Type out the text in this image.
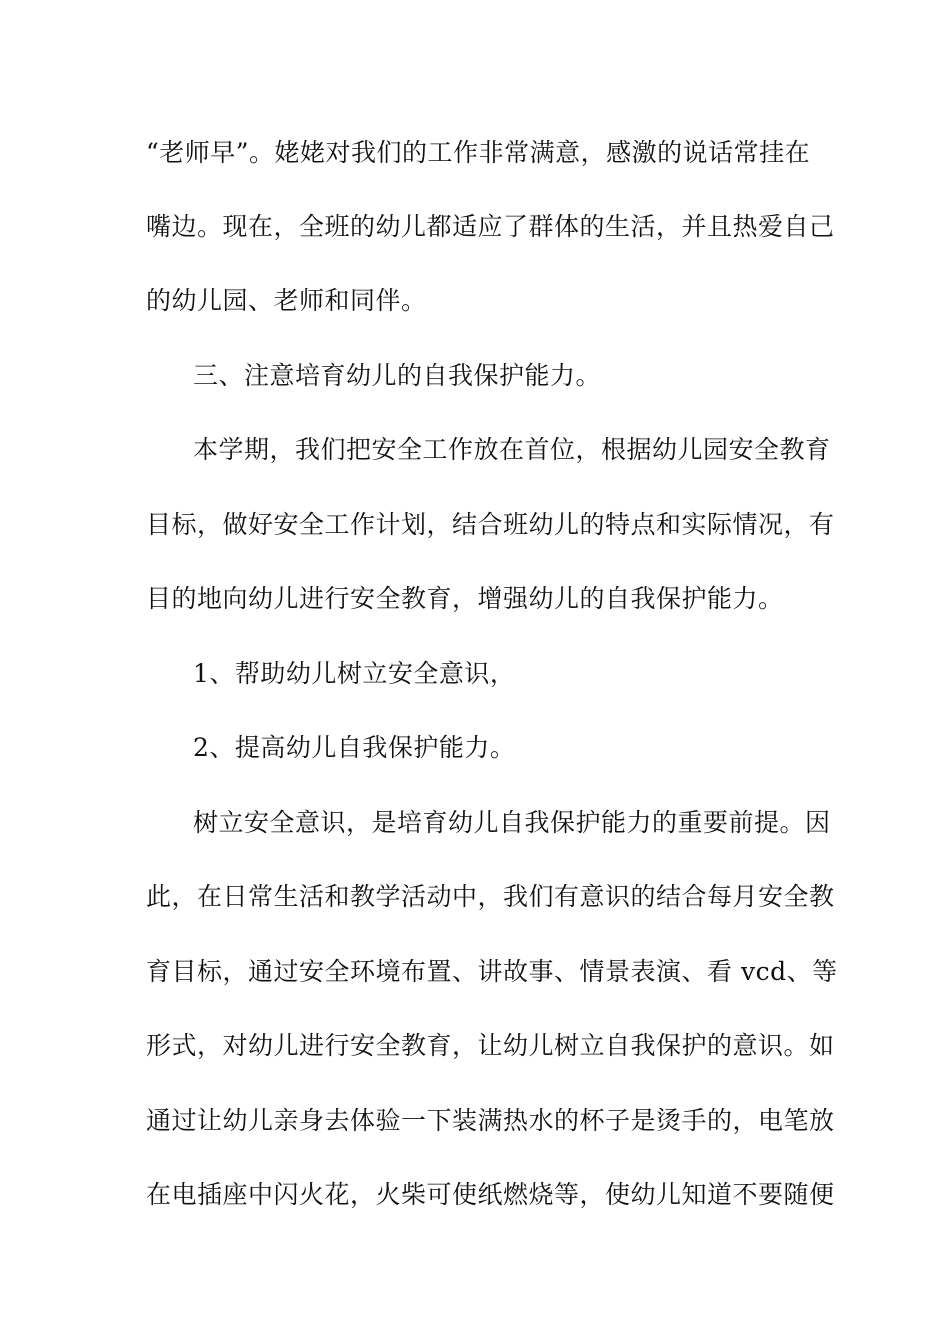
“老师早”。姥姥对我们的工作非常满意，感激的说话常挂在
嘴边。现在，全班的幼儿都适应了群体的生活，并且热爱自己
的幼儿园、老师和同伴。
三、注意培育幼儿的自我保护能力。
本学期，我们把安全工作放在首位，根据幼儿园安全教育
目标，做好安全工作计划，结合班幼儿的特点和实际情况，有
目的地向幼儿进行安全教育，增强幼儿的自我保护能力。
1、帮助幼儿树立安全意识，
2、提高幼儿自我保护能力。
树立安全意识，是培育幼儿自我保护能力的重要前提。因
此，在日常生活和教学活动中，我们有意识的结合每月安全教
育目标，通过安全环境布置、讲故事、情景表演、看 vcd、等
形式，对幼儿进行安全教育，让幼儿树立自我保护的意识。如
通过让幼儿亲身去体验一下装满热水的杯子是烫手的，电笔放
在电插座中闪火花，火柴可使纸燃烧等，使幼儿知道不要随便
